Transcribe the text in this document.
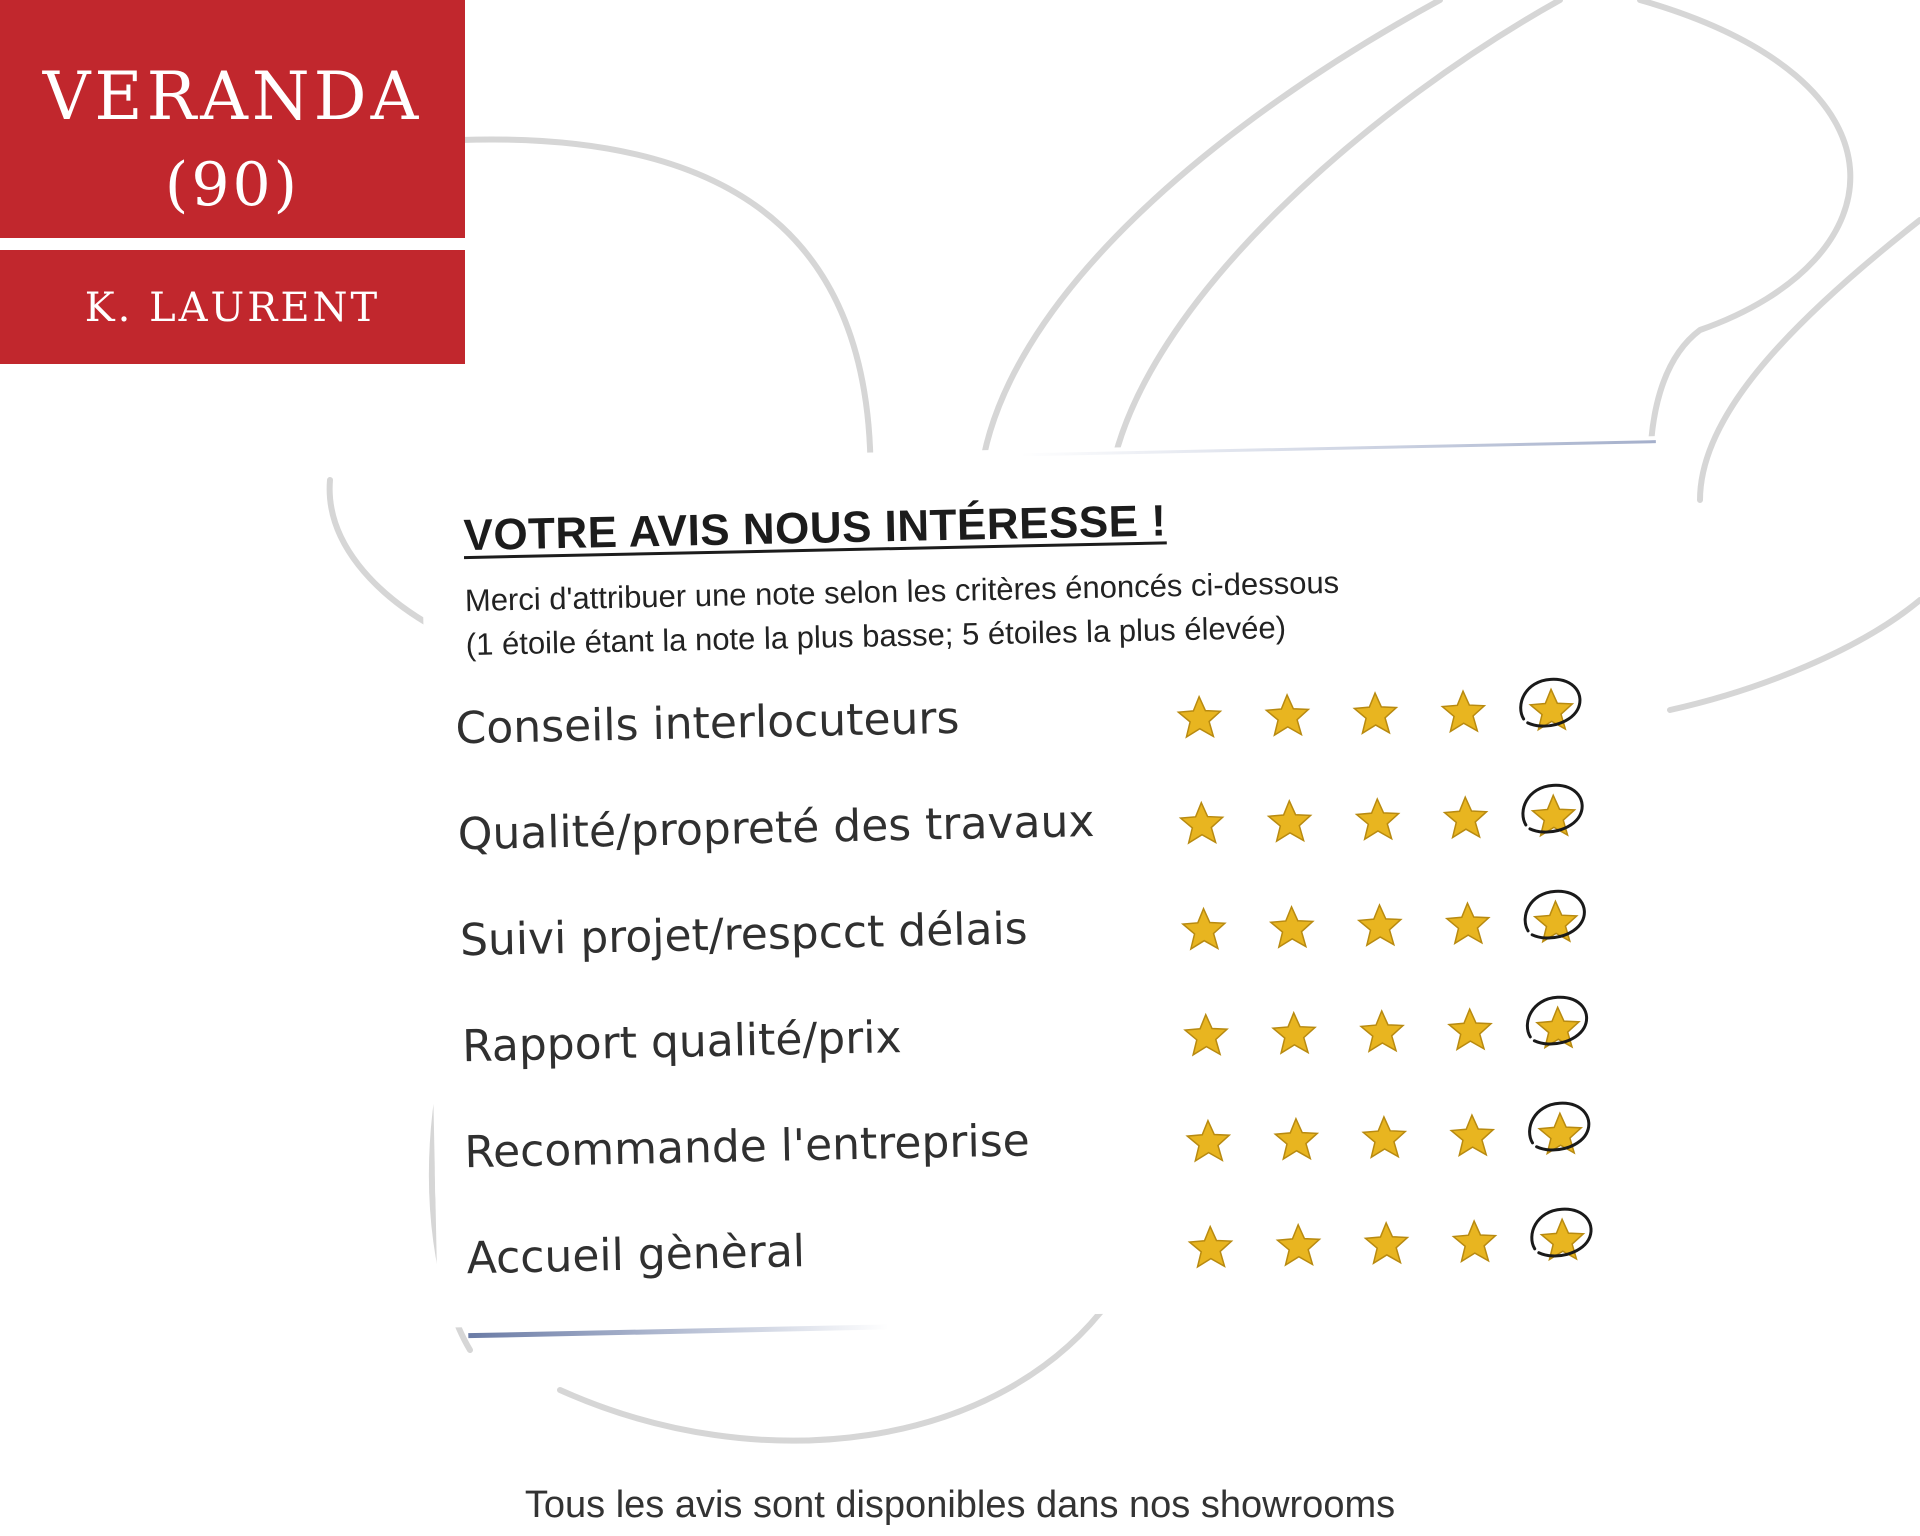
VERANDA
(90)
K. LAURENT
VOTRE AVIS NOUS INTÉRESSE !
Merci d'attribuer une note selon les critères énoncés ci-dessous
(1 étoile étant la note la plus basse; 5 étoiles la plus élevée)
Conseils interlocuteurs
Qualité/propreté des travaux
Suivi projet/respcct délais
Rapport qualité/prix
Recommande l'entreprise
Accueil gènèral
Tous les avis sont disponibles dans nos showrooms
